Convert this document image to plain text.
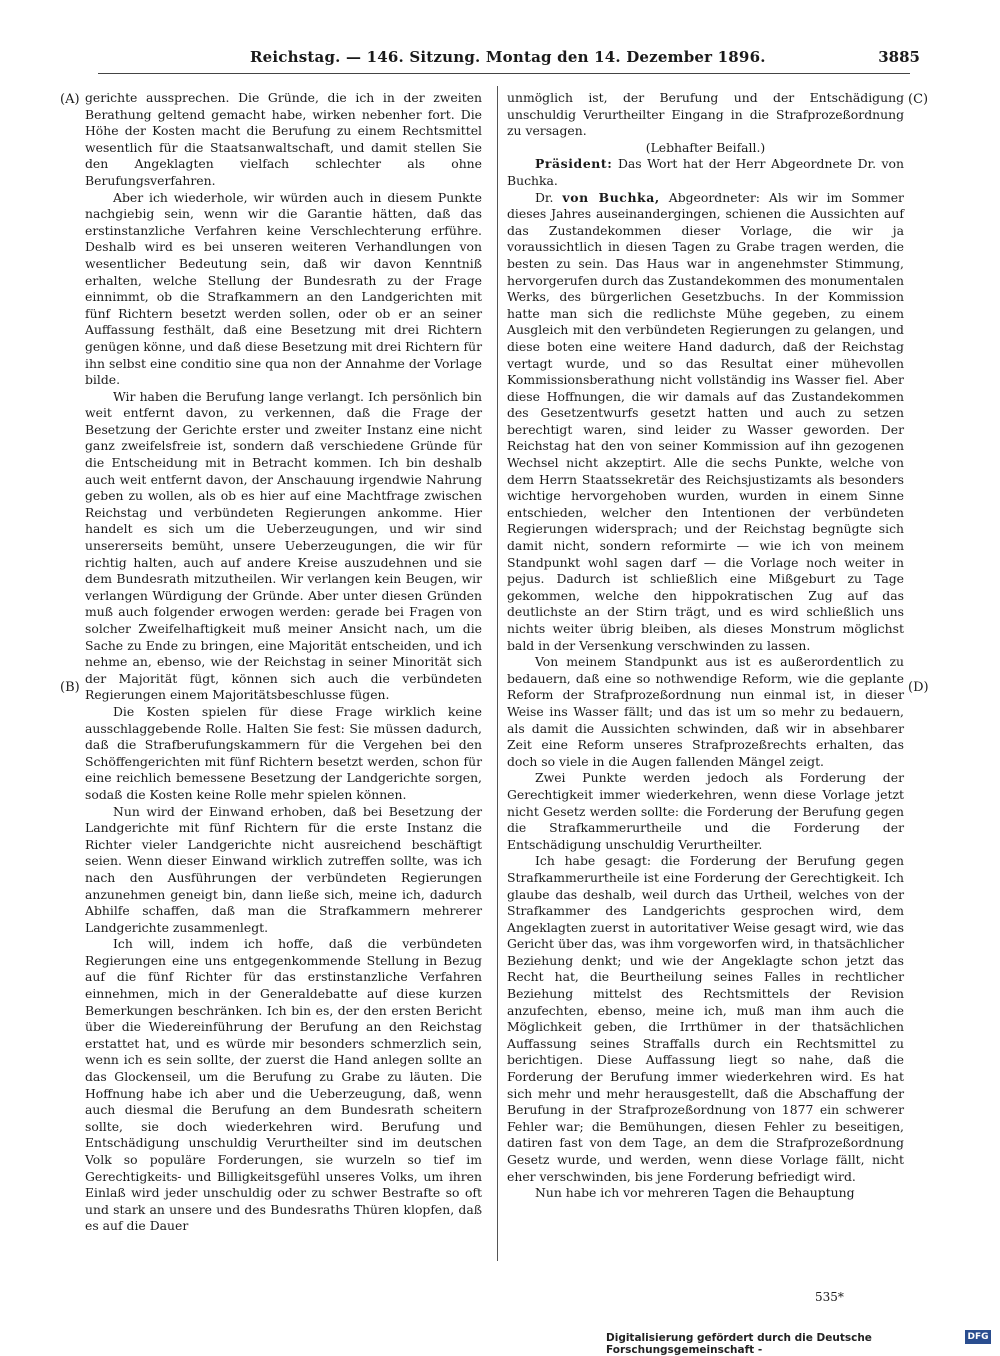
Reichstag. — 146. Sitzung. Montag den 14. Dezember 1896.	3885
(A)
(B)
(C)
(D)

gerichte aussprechen. Die Gründe, die ich in der zweiten Berathung geltend gemacht habe, wirken nebenher fort. Die Höhe der Kosten macht die Berufung zu einem Rechtsmittel wesentlich für die Staatsanwaltschaft, und damit stellen Sie den Angeklagten vielfach schlechter als ohne Berufungsverfahren.

Aber ich wiederhole, wir würden auch in diesem Punkte nachgiebig sein, wenn wir die Garantie hätten, daß das erstinstanzliche Verfahren keine Verschlechterung erführe. Deshalb wird es bei unseren weiteren Verhandlungen von wesentlicher Bedeutung sein, daß wir davon Kenntniß erhalten, welche Stellung der Bundesrath zu der Frage einnimmt, ob die Strafkammern an den Landgerichten mit fünf Richtern besetzt werden sollen, oder ob er an seiner Auffassung festhält, daß eine Besetzung mit drei Richtern genügen könne, und daß diese Besetzung mit drei Richtern für ihn selbst eine conditio sine qua non der Annahme der Vorlage bilde.

Wir haben die Berufung lange verlangt. Ich persönlich bin weit entfernt davon, zu verkennen, daß die Frage der Besetzung der Gerichte erster und zweiter Instanz eine nicht ganz zweifelsfreie ist, sondern daß verschiedene Gründe für die Entscheidung mit in Betracht kommen. Ich bin deshalb auch weit entfernt davon, der Anschauung irgendwie Nahrung geben zu wollen, als ob es hier auf eine Machtfrage zwischen Reichstag und verbündeten Regierungen ankomme. Hier handelt es sich um die Ueberzeugungen, und wir sind unsererseits bemüht, unsere Ueberzeugungen, die wir für richtig halten, auch auf andere Kreise auszudehnen und sie dem Bundesrath mitzutheilen. Wir verlangen kein Beugen, wir verlangen Würdigung der Gründe. Aber unter diesen Gründen muß auch folgender erwogen werden: gerade bei Fragen von solcher Zweifelhaftigkeit muß meiner Ansicht nach, um die Sache zu Ende zu bringen, eine Majorität entscheiden, und ich nehme an, ebenso, wie der Reichstag in seiner Minorität sich der Majorität fügt, können sich auch die verbündeten Regierungen einem Majoritätsbeschlusse fügen.

Die Kosten spielen für diese Frage wirklich keine ausschlaggebende Rolle. Halten Sie fest: Sie müssen dadurch, daß die Strafberufungskammern für die Vergehen bei den Schöffengerichten mit fünf Richtern besetzt werden, schon für eine reichlich bemessene Besetzung der Landgerichte sorgen, sodaß die Kosten keine Rolle mehr spielen können.

Nun wird der Einwand erhoben, daß bei Besetzung der Landgerichte mit fünf Richtern für die erste Instanz die Richter vieler Landgerichte nicht ausreichend beschäftigt seien. Wenn dieser Einwand wirklich zutreffen sollte, was ich nach den Ausführungen der verbündeten Regierungen anzunehmen geneigt bin, dann ließe sich, meine ich, dadurch Abhilfe schaffen, daß man die Strafkammern mehrerer Landgerichte zusammenlegt.

Ich will, indem ich hoffe, daß die verbündeten Regierungen eine uns entgegenkommende Stellung in Bezug auf die fünf Richter für das erstinstanzliche Verfahren einnehmen, mich in der Generaldebatte auf diese kurzen Bemerkungen beschränken. Ich bin es, der den ersten Bericht über die Wiedereinführung der Berufung an den Reichstag erstattet hat, und es würde mir besonders schmerzlich sein, wenn ich es sein sollte, der zuerst die Hand anlegen sollte an das Glockenseil, um die Berufung zu Grabe zu läuten. Die Hoffnung habe ich aber und die Ueberzeugung, daß, wenn auch diesmal die Berufung an dem Bundesrath scheitern sollte, sie doch wiederkehren wird. Berufung und Entschädigung unschuldig Verurtheilter sind im deutschen Volk so populäre Forderungen, sie wurzeln so tief im Gerechtigkeits- und Billigkeitsgefühl unseres Volks, um ihren Einlaß wird jeder unschuldig oder zu schwer Bestrafte so oft und stark an unsere und des Bundesraths Thüren klopfen, daß es auf die Dauer

unmöglich ist, der Berufung und der Entschädigung unschuldig Verurtheilter Eingang in die Strafprozeßordnung zu versagen.

(Lebhafter Beifall.)

Präsident: Das Wort hat der Herr Abgeordnete Dr. von Buchka.

Dr. von Buchka, Abgeordneter: Als wir im Sommer dieses Jahres auseinandergingen, schienen die Aussichten auf das Zustandekommen dieser Vorlage, die wir ja voraussichtlich in diesen Tagen zu Grabe tragen werden, die besten zu sein. Das Haus war in angenehmster Stimmung, hervorgerufen durch das Zustandekommen des monumentalen Werks, des bürgerlichen Gesetzbuchs. In der Kommission hatte man sich die redlichste Mühe gegeben, zu einem Ausgleich mit den verbündeten Regierungen zu gelangen, und diese boten eine weitere Hand dadurch, daß der Reichstag vertagt wurde, und so das Resultat einer mühevollen Kommissionsberathung nicht vollständig ins Wasser fiel. Aber diese Hoffnungen, die wir damals auf das Zustandekommen des Gesetzentwurfs gesetzt hatten und auch zu setzen berechtigt waren, sind leider zu Wasser geworden. Der Reichstag hat den von seiner Kommission auf ihn gezogenen Wechsel nicht akzeptirt. Alle die sechs Punkte, welche von dem Herrn Staatssekretär des Reichsjustizamts als besonders wichtige hervorgehoben wurden, wurden in einem Sinne entschieden, welcher den Intentionen der verbündeten Regierungen widersprach; und der Reichstag begnügte sich damit nicht, sondern reformirte — wie ich von meinem Standpunkt wohl sagen darf — die Vorlage noch weiter in pejus. Dadurch ist schließlich eine Mißgeburt zu Tage gekommen, welche den hippokratischen Zug auf das deutlichste an der Stirn trägt, und es wird schließlich uns nichts weiter übrig bleiben, als dieses Monstrum möglichst bald in der Versenkung verschwinden zu lassen.

Von meinem Standpunkt aus ist es außerordentlich zu bedauern, daß eine so nothwendige Reform, wie die geplante Reform der Strafprozeßordnung nun einmal ist, in dieser Weise ins Wasser fällt; und das ist um so mehr zu bedauern, als damit die Aussichten schwinden, daß wir in absehbarer Zeit eine Reform unseres Strafprozeßrechts erhalten, das doch so viele in die Augen fallenden Mängel zeigt.

Zwei Punkte werden jedoch als Forderung der Gerechtigkeit immer wiederkehren, wenn diese Vorlage jetzt nicht Gesetz werden sollte: die Forderung der Berufung gegen die Strafkammerurtheile und die Forderung der Entschädigung unschuldig Verurtheilter.

Ich habe gesagt: die Forderung der Berufung gegen Strafkammerurtheile ist eine Forderung der Gerechtigkeit. Ich glaube das deshalb, weil durch das Urtheil, welches von der Strafkammer des Landgerichts gesprochen wird, dem Angeklagten zuerst in autoritativer Weise gesagt wird, wie das Gericht über das, was ihm vorgeworfen wird, in thatsächlicher Beziehung denkt; und wie der Angeklagte schon jetzt das Recht hat, die Beurtheilung seines Falles in rechtlicher Beziehung mittelst des Rechtsmittels der Revision anzufechten, ebenso, meine ich, muß man ihm auch die Möglichkeit geben, die Irrthümer in der thatsächlichen Auffassung seines Straffalls durch ein Rechtsmittel zu berichtigen. Diese Auffassung liegt so nahe, daß die Forderung der Berufung immer wiederkehren wird. Es hat sich mehr und mehr herausgestellt, daß die Abschaffung der Berufung in der Strafprozeßordnung von 1877 ein schwerer Fehler war; die Bemühungen, diesen Fehler zu beseitigen, datiren fast von dem Tage, an dem die Strafprozeßordnung Gesetz wurde, und werden, wenn diese Vorlage fällt, nicht eher verschwinden, bis jene Forderung befriedigt wird.

Nun habe ich vor mehreren Tagen die Behauptung

535*
Digitalisierung gefördert durch die Deutsche Forschungsgemeinschaft -
DFG
